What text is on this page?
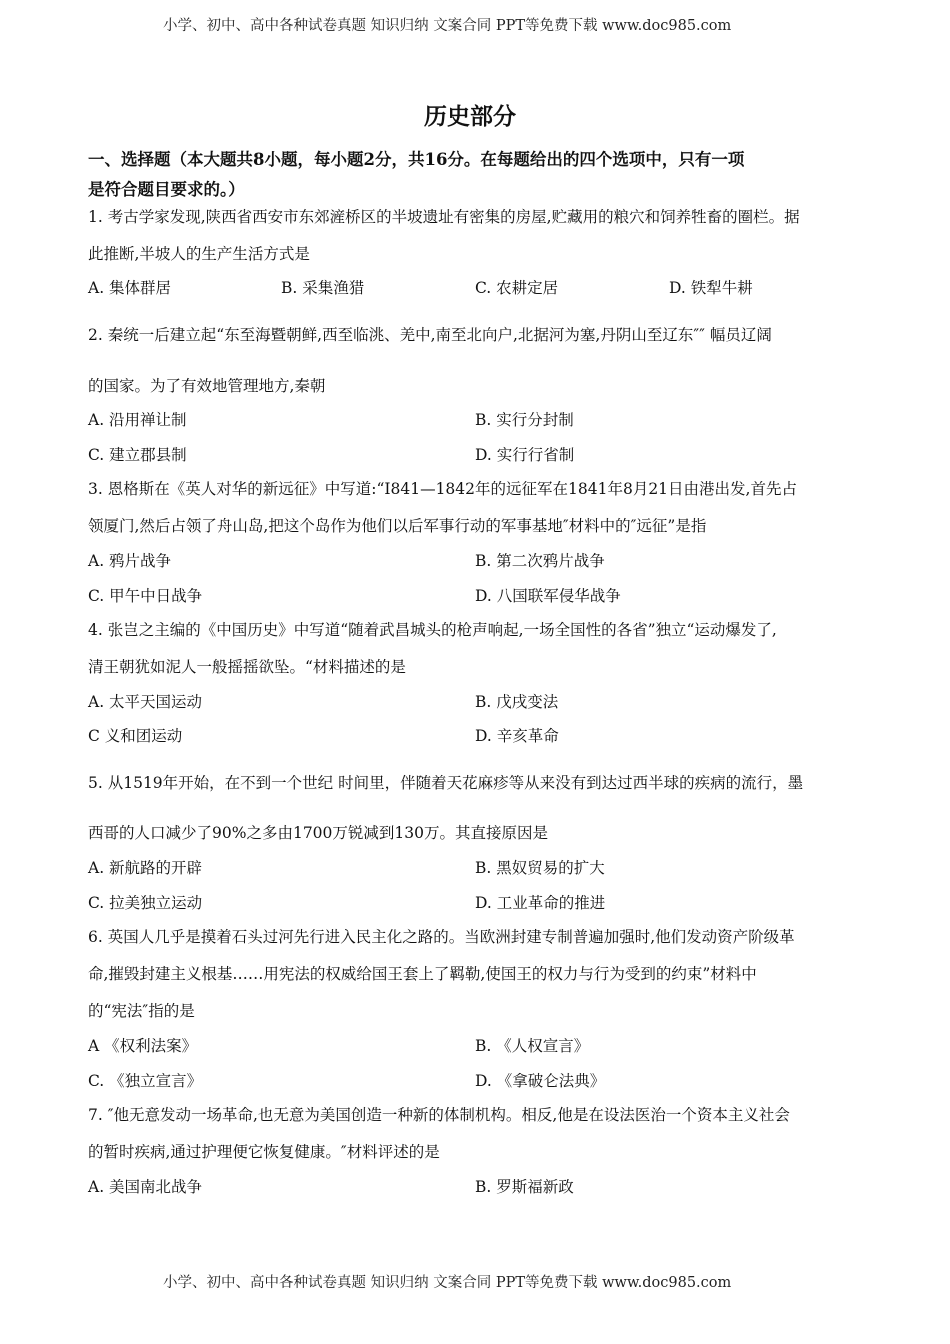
小学、初中、高中各种试卷真题 知识归纳 文案合同 PPT等免费下载 www.doc985.com
历史部分
一、选择题（本大题共8小题，每小题2分，共16分。在每题给出的四个选项中，只有一项
是符合题目要求的。）
1. 考古学家发现,陕西省西安市东郊滻桥区的半坡遗址有密集的房屋,贮藏用的粮穴和饲养牲畜的圈栏。据
此推断,半坡人的生产生活方式是
A. 集体群居	B. 采集渔猎	C. 农耕定居	D. 铁犁牛耕
2. 秦统一后建立起“东至海暨朝鲜,西至临洮、羌中,南至北向户,北据河为塞,丹阴山至辽东″″ 幅员辽阔
的国家。为了有效地管理地方,秦朝
A. 沿用禅让制	B. 实行分封制
C. 建立郡县制	D. 实行行省制
3. 恩格斯在《英人对华的新远征》中写道:“I841—1842年的远征军在1841年8月21日由港出发,首先占
领厦门,然后占领了舟山岛,把这个岛作为他们以后军事行动的军事基地″材料中的″远征”是指
A. 鸦片战争	B. 第二次鸦片战争
C. 甲午中日战争	D. 八国联军侵华战争
4. 张岂之主编的《中国历史》中写道“随着武昌城头的枪声响起,一场全国性的各省”独立“运动爆发了,
清王朝犹如泥人一般摇摇欲坠。“材料描述的是
A. 太平天国运动	B. 戊戌变法
C 义和团运动	D. 辛亥革命
5. 从1519年开始，在不到一个世纪 时间里，伴随着天花麻疹等从来没有到达过西半球的疾病的流行，墨
西哥的人口减少了90%之多由1700万锐减到130万。其直接原因是
A. 新航路的开辟	B. 黑奴贸易的扩大
C. 拉美独立运动	D. 工业革命的推进
6. 英国人几乎是摸着石头过河先行进入民主化之路的。当欧洲封建专制普遍加强时,他们发动资产阶级革
命,摧毁封建主义根基……用宪法的权威给国王套上了羁勒,使国王的权力与行为受到的约束”材料中
的“宪法″指的是
A 《权利法案》	B. 《人权宣言》
C. 《独立宣言》	D. 《拿破仑法典》
7. ″他无意发动一场革命,也无意为美国创造一种新的体制机构。相反,他是在设法医治一个资本主义社会
的暂时疾病,通过护理便它恢复健康。″材料评述的是
A. 美国南北战争	B. 罗斯福新政
小学、初中、高中各种试卷真题 知识归纳 文案合同 PPT等免费下载 www.doc985.com
